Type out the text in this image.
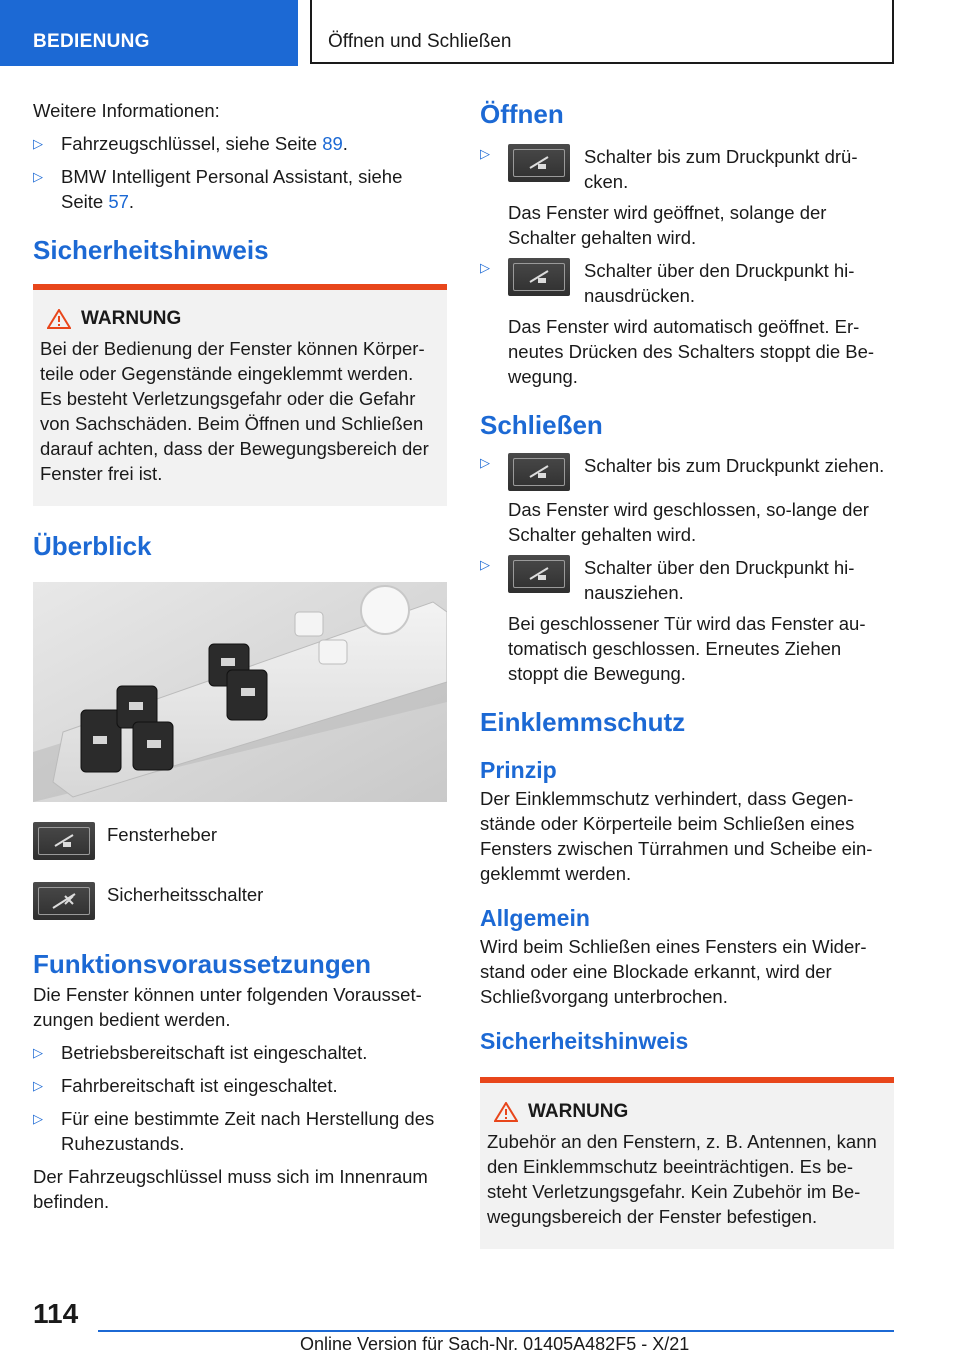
BEDIENUNG	Öffnen und Schließen

Weitere Informationen:

▷ Fahrzeugschlüssel, siehe Seite 89.
▷ BMW Intelligent Personal Assistant, siehe Seite 57.
Sicherheitshinweis
WARNUNG
Bei der Bedienung der Fenster können Körper-teile oder Gegenstände eingeklemmt werden. Es besteht Verletzungsgefahr oder die Gefahr von Sachschäden. Beim Öffnen und Schließen darauf achten, dass der Bewegungsbereich der Fenster frei ist.
Überblick

Fensterheber

Sicherheitsschalter

Funktionsvoraussetzungen

Die Fenster können unter folgenden Vorausset-zungen bedient werden.

▷ Betriebsbereitschaft ist eingeschaltet.
▷ Fahrbereitschaft ist eingeschaltet.
▷ Für eine bestimmte Zeit nach Herstellung des Ruhezustands.

Der Fahrzeugschlüssel muss sich im Innenraum befinden.

Öffnen
▷	Schalter bis zum Druckpunkt drü-cken.

Das Fenster wird geöffnet, solange der Schalter gehalten wird.

▷	Schalter über den Druckpunkt hi-nausdrücken.

Das Fenster wird automatisch geöffnet. Er-neutes Drücken des Schalters stoppt die Be-wegung.

Schließen
▷	Schalter bis zum Druckpunkt ziehen.

Das Fenster wird geschlossen, so-lange der Schalter gehalten wird.

▷	Schalter über den Druckpunkt hi-nausziehen.

Bei geschlossener Tür wird das Fenster au-tomatisch geschlossen. Erneutes Ziehen stoppt die Bewegung.

Einklemmschutz
Prinzip

Der Einklemmschutz verhindert, dass Gegen-stände oder Körperteile beim Schließen eines Fensters zwischen Türrahmen und Scheibe ein-geklemmt werden.

Allgemein

Wird beim Schließen eines Fensters ein Wider-stand oder eine Blockade erkannt, wird der Schließvorgang unterbrochen.

Sicherheitshinweis
WARNUNG
Zubehör an den Fenstern, z. B. Antennen, kann den Einklemmschutz beeinträchtigen. Es be-steht Verletzungsgefahr. Kein Zubehör im Be-wegungsbereich der Fenster befestigen.
114
Online Version für Sach-Nr. 01405A482F5 - X/21
